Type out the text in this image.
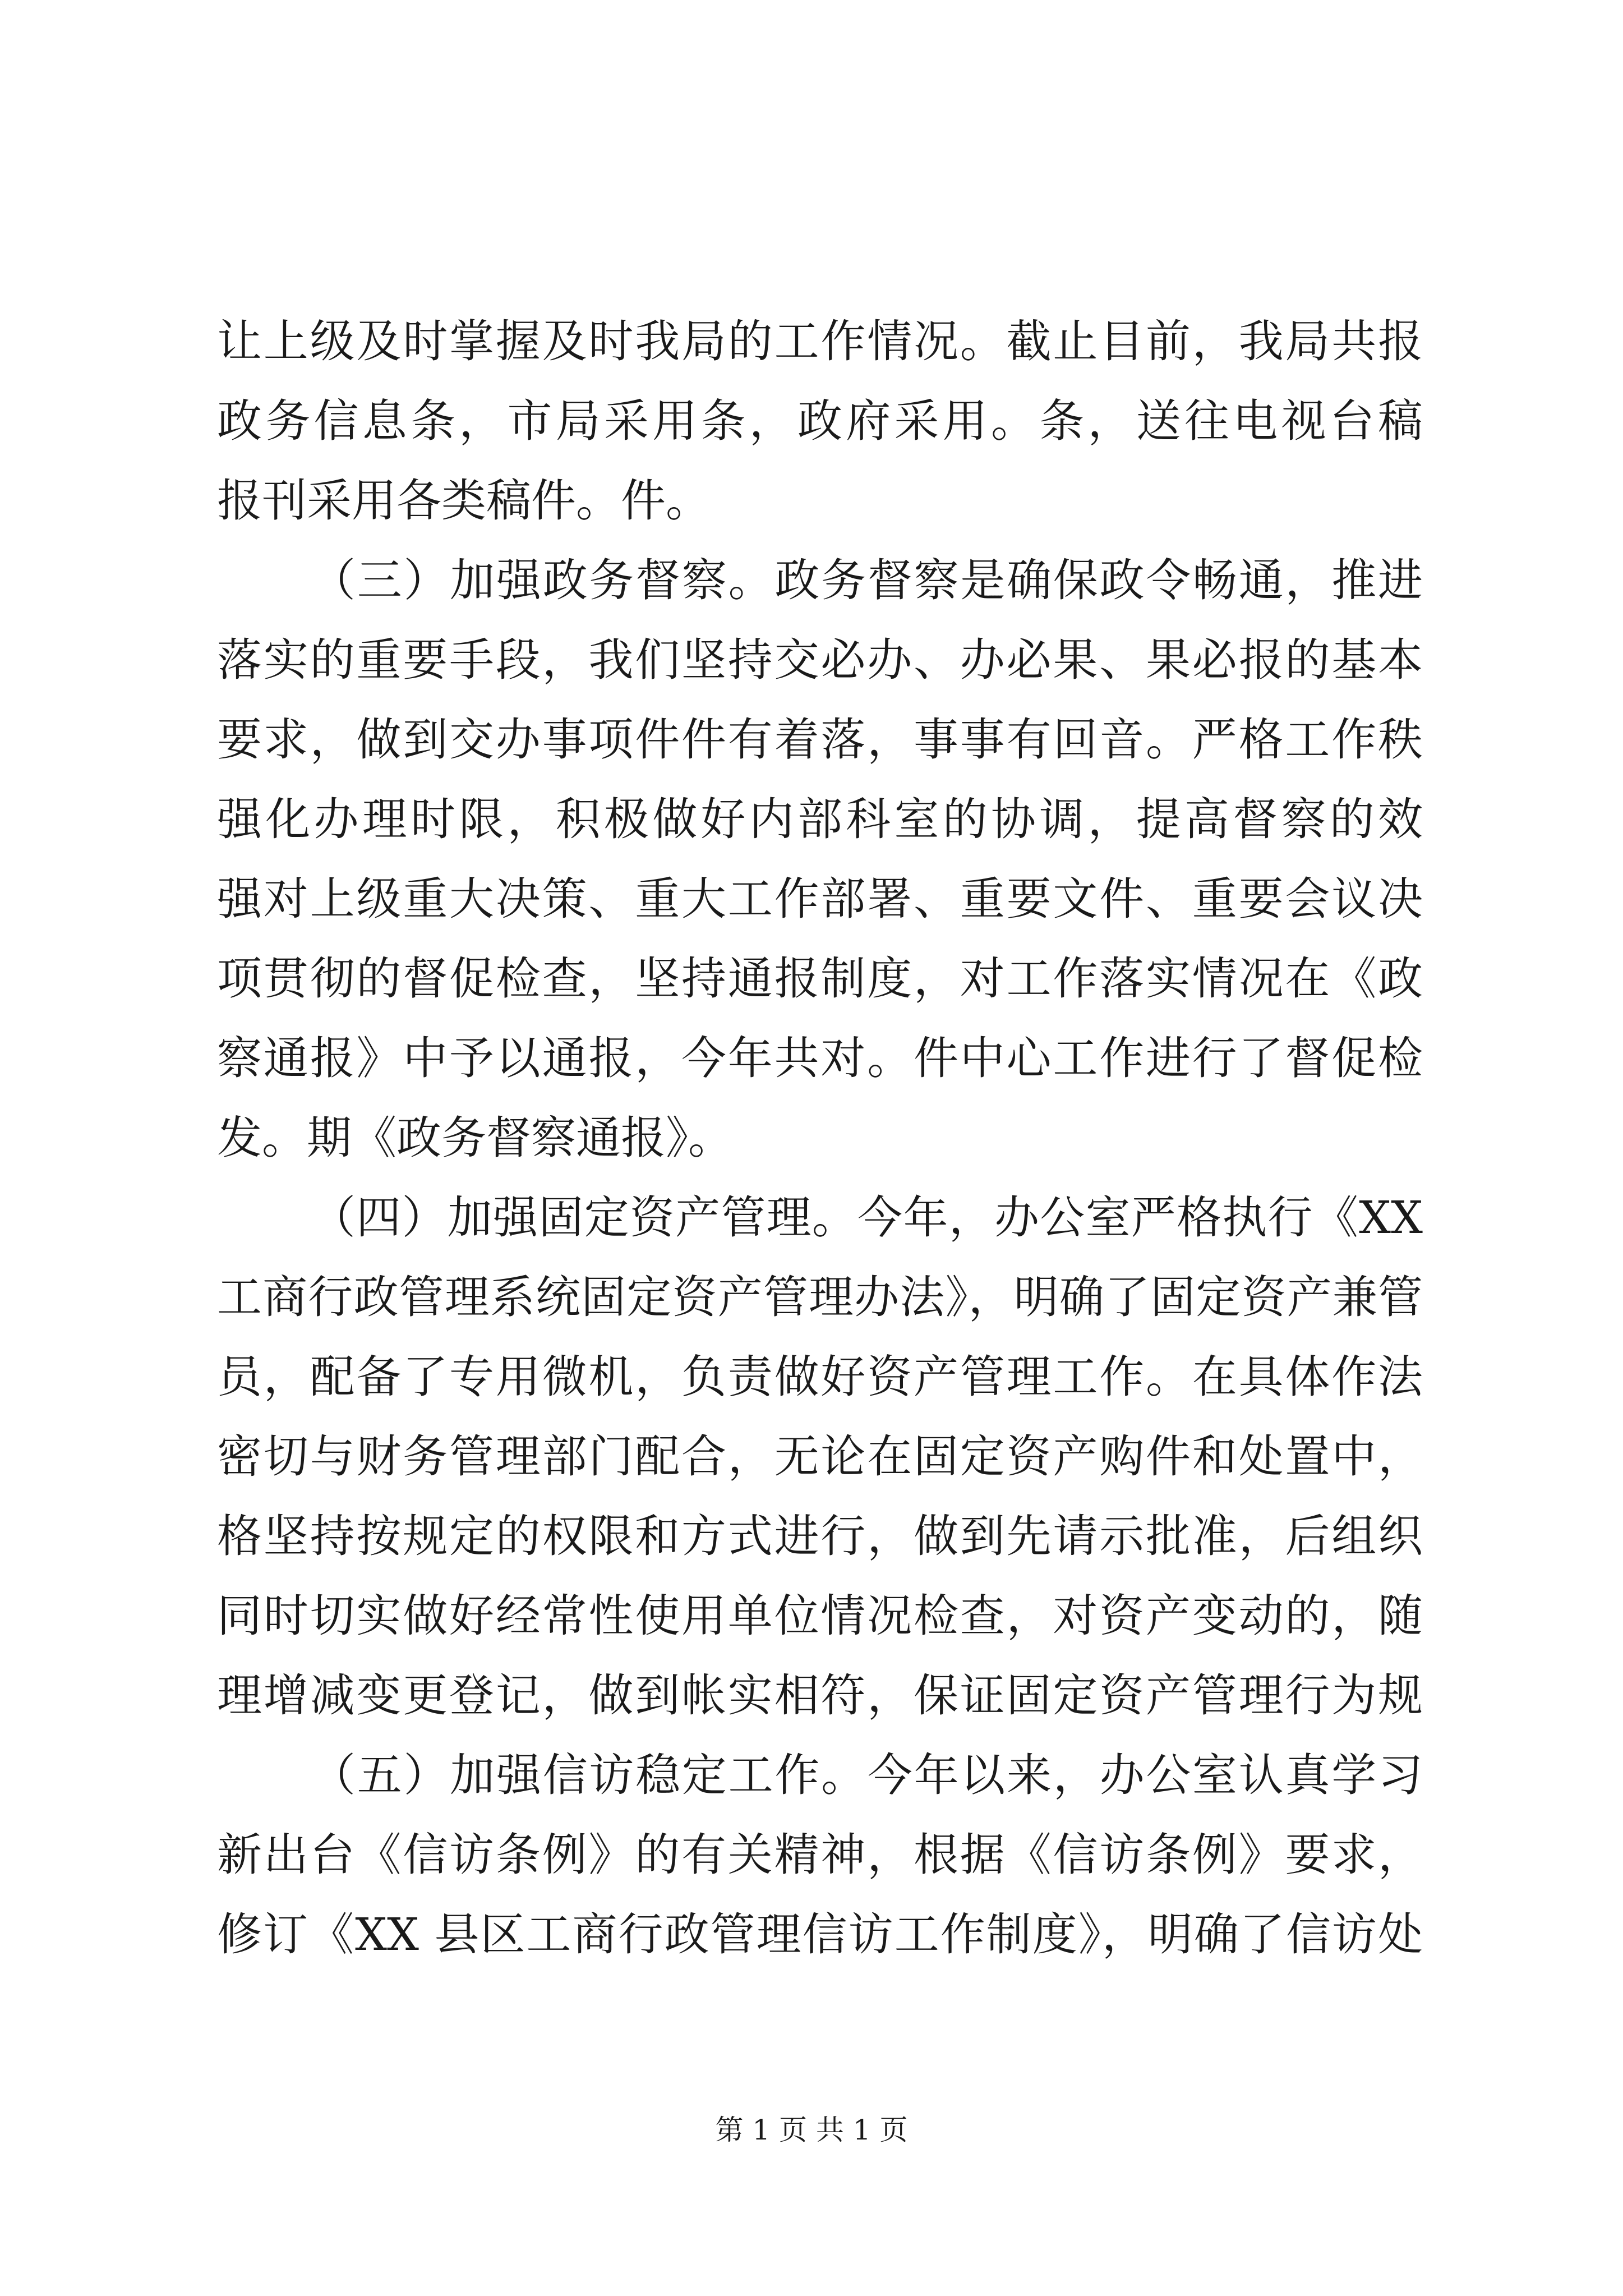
让上级及时掌握及时我局的工作情况。截止目前，我局共报
政务信息条，市局采用条，政府采用。条，送往电视台稿
报刊采用各类稿件。件。
（三）加强政务督察。政务督察是确保政令畅通，推进
落实的重要手段，我们坚持交必办、办必果、果必报的基本
要求，做到交办事项件件有着落，事事有回音。严格工作秩
强化办理时限，积极做好内部科室的协调，提高督察的效
强对上级重大决策、重大工作部署、重要文件、重要会议决
项贯彻的督促检查，坚持通报制度，对工作落实情况在《政
察通报》中予以通报，今年共对。件中心工作进行了督促检
发。期《政务督察通报》。
（四）加强固定资产管理。今年，办公室严格执行《XX
工商行政管理系统固定资产管理办法》，明确了固定资产兼管
员，配备了专用微机，负责做好资产管理工作。在具体作法
密切与财务管理部门配合，无论在固定资产购件和处置中，
格坚持按规定的权限和方式进行，做到先请示批准，后组织
同时切实做好经常性使用单位情况检查，对资产变动的，随
理增减变更登记，做到帐实相符，保证固定资产管理行为规
（五）加强信访稳定工作。今年以来，办公室认真学习
新出台《信访条例》的有关精神，根据《信访条例》要求，
修订《XX 县区工商行政管理信访工作制度》，明确了信访处
第 1 页 共 1 页
